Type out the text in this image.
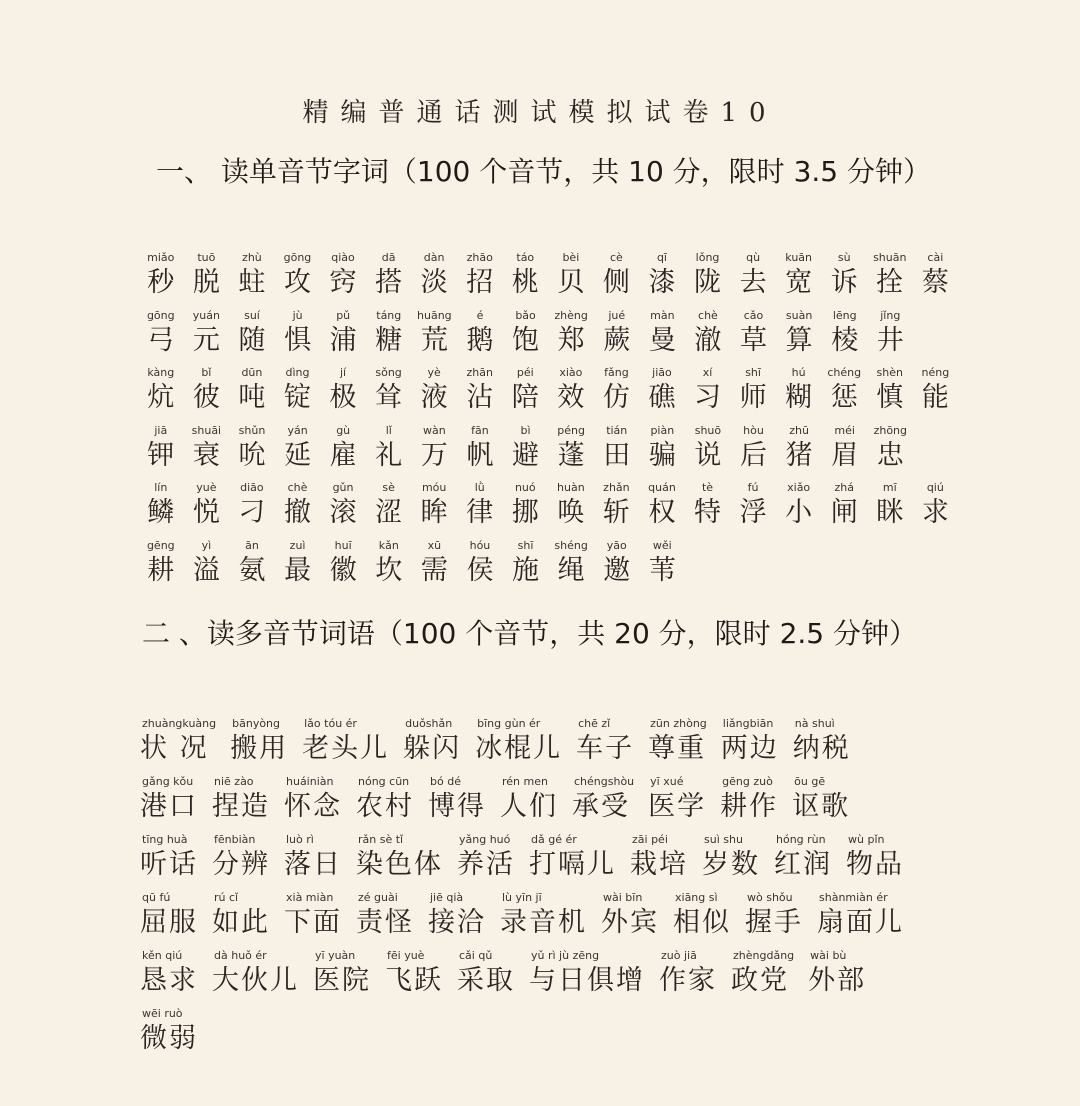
精编普通话测试模拟试卷10
一、 读单音节字词（100 个音节，共 10 分，限时 3.5 分钟）
miǎo
秒
tuō
脱
zhù
蛀
gōng
攻
qiào
窍
dā
搭
dàn
淡
zhāo
招
táo
桃
bèi
贝
cè
侧
qī
漆
lǒng
陇
qù
去
kuān
宽
sù
诉
shuān
拴
cài
蔡
gōng
弓
yuán
元
suí
随
jù
惧
pǔ
浦
táng
糖
huāng
荒
é
鹅
bǎo
饱
zhèng
郑
jué
蕨
màn
曼
chè
澈
cǎo
草
suàn
算
lēng
棱
jǐng
井
kàng
炕
bǐ
彼
dūn
吨
dìng
锭
jí
极
sǒng
耸
yè
液
zhān
沾
péi
陪
xiào
效
fǎng
仿
jiāo
礁
xí
习
shī
师
hú
糊
chéng
惩
shèn
慎
néng
能
jiā
钾
shuāi
衰
shǔn
吮
yán
延
gù
雇
lǐ
礼
wàn
万
fān
帆
bì
避
péng
蓬
tián
田
piàn
骗
shuō
说
hòu
后
zhū
猪
méi
眉
zhōng
忠
lín
鳞
yuè
悦
diāo
刁
chè
撤
gǔn
滚
sè
涩
móu
眸
lǜ
律
nuó
挪
huàn
唤
zhǎn
斩
quán
权
tè
特
fú
浮
xiǎo
小
zhá
闸
mī
眯
qiú
求
gēng
耕
yì
溢
ān
氨
zuì
最
huī
徽
kǎn
坎
xū
需
hóu
侯
shī
施
shéng
绳
yāo
邀
wěi
苇
二 、读多音节词语（100 个音节，共 20 分，限时 2.5 分钟）
zhuàngkuàng
状 况
bānyòng
搬用
lǎo tóu ér
老头儿
duǒshǎn
躲闪
bīng gùn ér
冰棍儿
chē zǐ
车子
zūn zhòng
尊重
liǎngbiān
两边
nà shuì
纳税
gǎng kǒu
港口
niē zào
捏造
huáiniàn
怀念
nóng cūn
农村
bó dé
博得
rén men
人们
chéngshòu
承受
yī xué
医学
gēng zuò
耕作
ōu gē
讴歌
tīng huà
听话
fēnbiàn
分辨
luò rì
落日
rǎn sè tǐ
染色体
yǎng huó
养活
dǎ gé ér
打嗝儿
zāi péi
栽培
suì shu
岁数
hóng rùn
红润
wù pǐn
物品
qū fú
屈服
rú cǐ
如此
xià miàn
下面
zé guài
责怪
jiē qià
接洽
lù yīn jī
录音机
wài bīn
外宾
xiāng sì
相似
wò shǒu
握手
shànmiàn ér
扇面儿
kěn qiú
恳求
dà huǒ ér
大伙儿
yī yuàn
医院
fēi yuè
飞跃
cǎi qǔ
采取
yǔ rì jù zēng
与日俱增
zuò jiā
作家
zhèngdǎng
政党
wài bù
外部
wēi ruò
微弱
